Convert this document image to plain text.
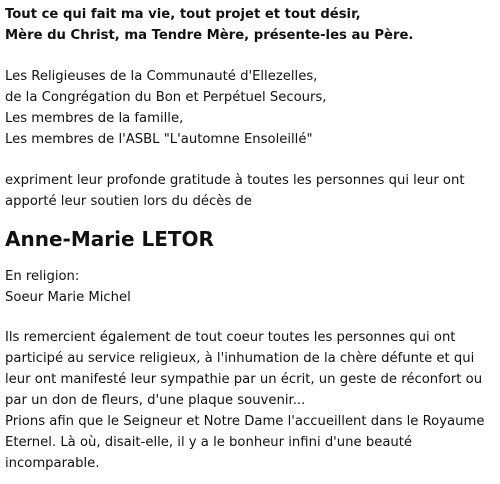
Tout ce qui fait ma vie, tout projet et tout désir,
Mère du Christ, ma Tendre Mère, présente-les au Père.
Les Religieuses de la Communauté d'Ellezelles,
de la Congrégation du Bon et Perpétuel Secours,
Les membres de la famille,
Les membres de l'ASBL "L'automne Ensoleillé"
expriment leur profonde gratitude à toutes les personnes qui leur ont
apporté leur soutien lors du décès de
Anne-Marie LETOR
En religion:
Soeur Marie Michel
Ils remercient également de tout coeur toutes les personnes qui ont
participé au service religieux, à l'inhumation de la chère défunte et qui
leur ont manifesté leur sympathie par un écrit, un geste de réconfort ou
par un don de fleurs, d'une plaque souvenir...
Prions afin que le Seigneur et Notre Dame l'accueillent dans le Royaume
Eternel. Là où, disait-elle, il y a le bonheur infini d'une beauté
incomparable.
